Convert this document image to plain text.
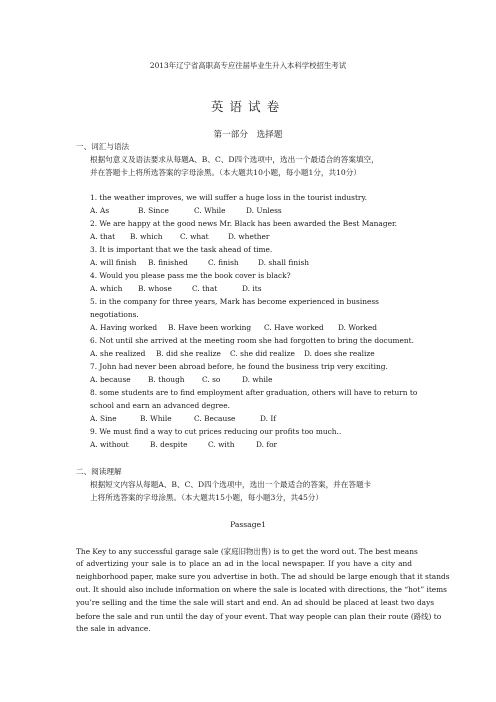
2013年辽宁省高职高专应往届毕业生升入本科学校招生考试
英语试卷
第一部分 选择题
一、词汇与语法
根据句意义及语法要求从每题A、B、C、D四个选项中，选出一个最适合的答案填空，
并在答题卡上将所选答案的字母涂黑。（本大题共10小题，每小题1分，共10分）
1. the weather improves, we will suffer a huge loss in the tourist industry.
A. As	B. Since	C. While	D. Unless
2. We are happy at the good news Mr. Black has been awarded the Best Manager.
A. that B. which C. what	D. whether
3. It is important that we the task ahead of time.
A. will finish B. finished	C. finish	D. shall finish
4. Would you please pass me the book cover is black?
A. which B. whose	C. that	D. its
5. in the company for three years, Mark has become experienced in business
negotiations.
A. Having worked B. Have been working C. Have worked D. Worked
6. Not until she arrived at the meeting room she had forgotten to bring the document.
A. she realized B. did she realize C. she did realize D. does she realize
7. John had never been abroad before, he found the business trip very exciting.
A. because B. though C. so	D. while
8. some students are to find employment after graduation, others will have to return to
school and earn an advanced degree.
A. Sine	B. While	C. Because	D. If
9. We must find a way to cut prices reducing our profits too much..
A. without	B. despite	C. with	D. for
二、阅读理解
根据短文内容从每题A、B、C、D四个选项中，选出一个最适合的答案，并在答题卡
上将所选答案的字母涂黑。（本大题共15小题，每小题3分，共45分）
Passage1
The Key to any successful garage sale (家庭旧物出售) is to get the word out. The best means
of advertizing your sale is to place an ad in the local newspaper. If you have a city and
neighborhood paper, make sure you advertise in both. The ad should be large enough that it stands
out. It should also include information on where the sale is located with directions, the “hot” items
you’re selling and the time the sale will start and end. An ad should be placed at least two days
before the sale and run until the day of your event. That way people can plan their route (路线) to
the sale in advance.
